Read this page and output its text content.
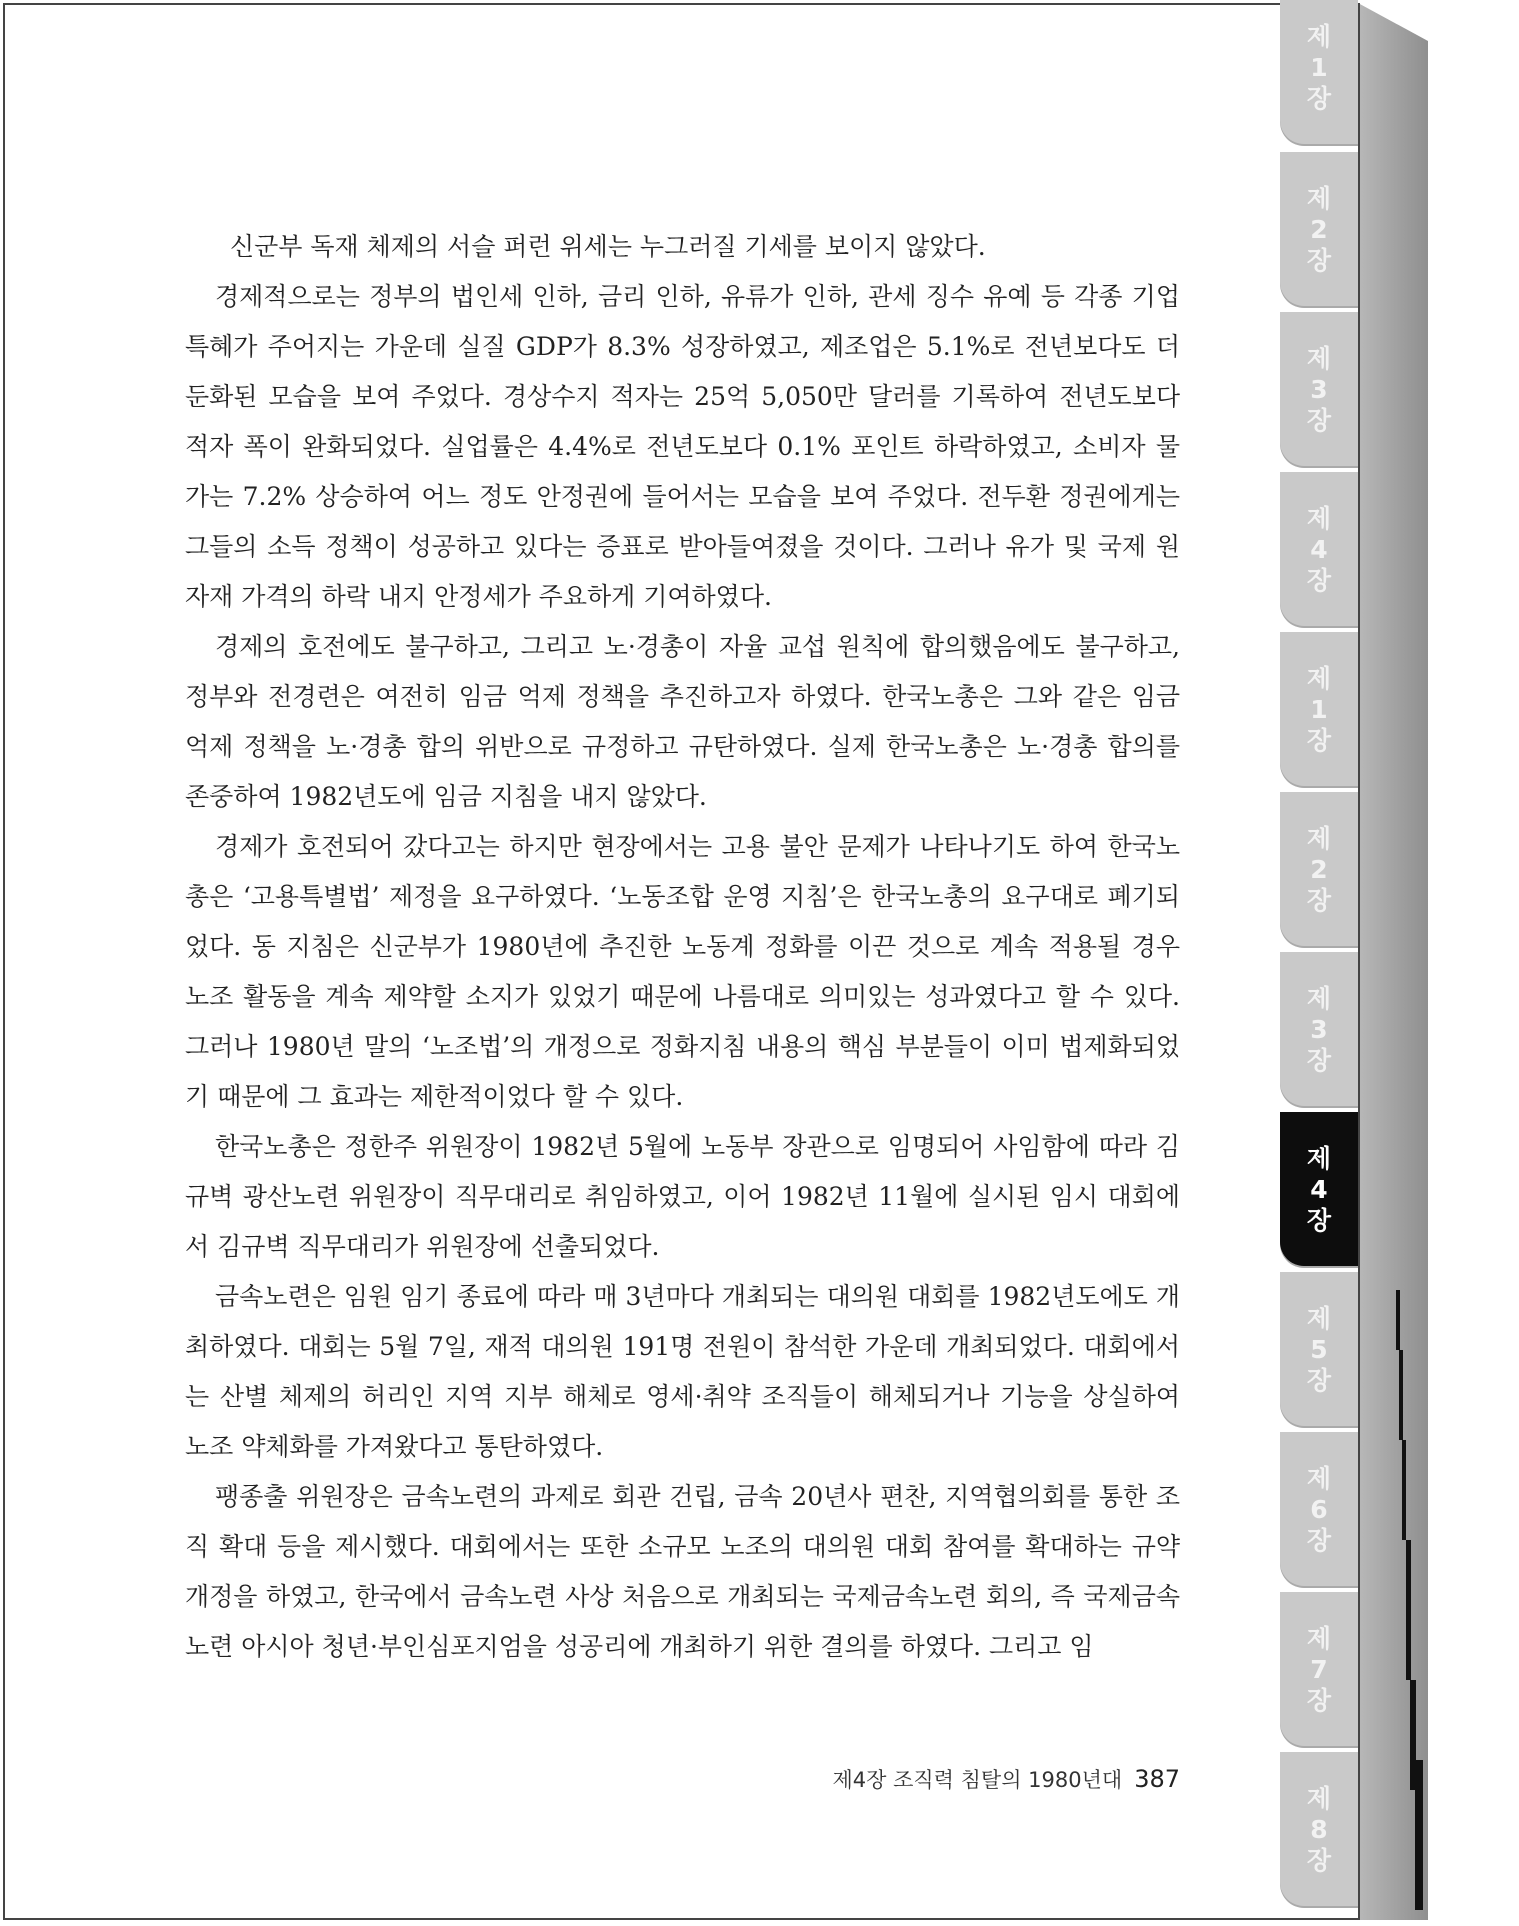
제
1
장
제
2
장
제
3
장
제
4
장
제
1
장
제
2
장
제
3
장
제
4
장
제
5
장
제
6
장
제
7
장
제
8
장

신군부 독재 체제의 서슬 퍼런 위세는 누그러질 기세를 보이지 않았다.

경제적으로는 정부의 법인세 인하, 금리 인하, 유류가 인하, 관세 징수 유예 등 각종 기업 특혜가 주어지는 가운데 실질 GDP가 8.3% 성장하였고, 제조업은 5.1%로 전년보다도 더 둔화된 모습을 보여 주었다. 경상수지 적자는 25억 5,050만 달러를 기록하여 전년도보다 적자 폭이 완화되었다. 실업률은 4.4%로 전년도보다 0.1% 포인트 하락하였고, 소비자 물가는 7.2% 상승하여 어느 정도 안정권에 들어서는 모습을 보여 주었다. 전두환 정권에게는 그들의 소득 정책이 성공하고 있다는 증표로 받아들여졌을 것이다. 그러나 유가 및 국제 원자재 가격의 하락 내지 안정세가 주요하게 기여하였다.

경제의 호전에도 불구하고, 그리고 노·경총이 자율 교섭 원칙에 합의했음에도 불구하고, 정부와 전경련은 여전히 임금 억제 정책을 추진하고자 하였다. 한국노총은 그와 같은 임금 억제 정책을 노·경총 합의 위반으로 규정하고 규탄하였다. 실제 한국노총은 노·경총 합의를 존중하여 1982년도에 임금 지침을 내지 않았다.

경제가 호전되어 갔다고는 하지만 현장에서는 고용 불안 문제가 나타나기도 하여 한국노총은 ‘고용특별법’ 제정을 요구하였다. ‘노동조합 운영 지침’은 한국노총의 요구대로 폐기되었다. 동 지침은 신군부가 1980년에 추진한 노동계 정화를 이끈 것으로 계속 적용될 경우 노조 활동을 계속 제약할 소지가 있었기 때문에 나름대로 의미있는 성과였다고 할 수 있다. 그러나 1980년 말의 ‘노조법’의 개정으로 정화지침 내용의 핵심 부분들이 이미 법제화되었기 때문에 그 효과는 제한적이었다 할 수 있다.

한국노총은 정한주 위원장이 1982년 5월에 노동부 장관으로 임명되어 사임함에 따라 김규벽 광산노련 위원장이 직무대리로 취임하였고, 이어 1982년 11월에 실시된 임시 대회에서 김규벽 직무대리가 위원장에 선출되었다.

금속노련은 임원 임기 종료에 따라 매 3년마다 개최되는 대의원 대회를 1982년도에도 개최하였다. 대회는 5월 7일, 재적 대의원 191명 전원이 참석한 가운데 개최되었다. 대회에서는 산별 체제의 허리인 지역 지부 해체로 영세·취약 조직들이 해체되거나 기능을 상실하여 노조 약체화를 가져왔다고 통탄하였다.

팽종출 위원장은 금속노련의 과제로 회관 건립, 금속 20년사 편찬, 지역협의회를 통한 조직 확대 등을 제시했다. 대회에서는 또한 소규모 노조의 대의원 대회 참여를 확대하는 규약 개정을 하였고, 한국에서 금속노련 사상 처음으로 개최되는 국제금속노련 회의, 즉 국제금속노련 아시아 청년·부인심포지엄을 성공리에 개최하기 위한 결의를 하였다. 그리고 임

제4장 조직력 침탈의 1980년대 387
